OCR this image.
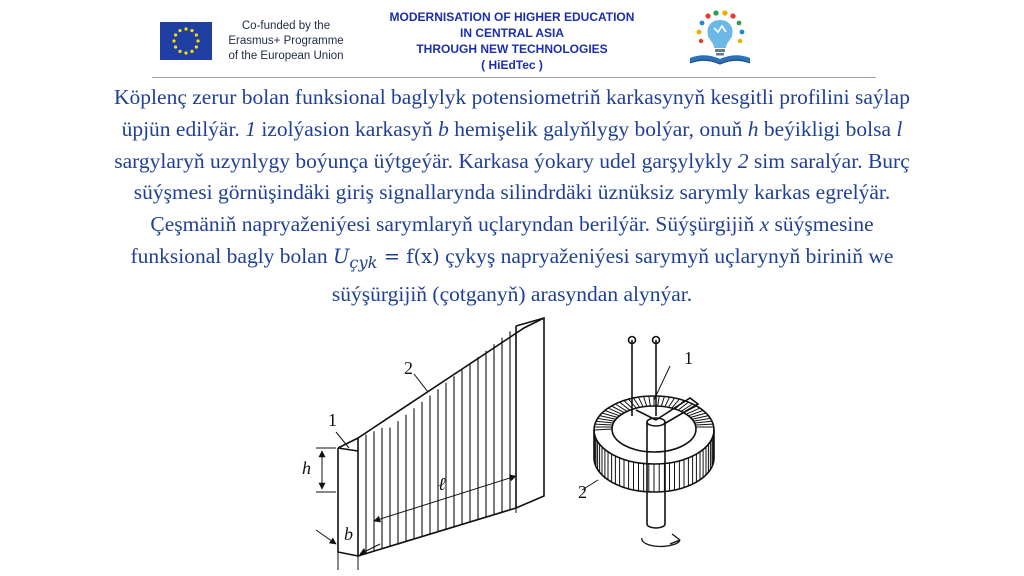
Co-funded by the
Erasmus+ Programme
of the European Union
MODERNISATION OF HIGHER EDUCATION
IN CENTRAL ASIA
THROUGH NEW TECHNOLOGIES
( HiEdTec )
Köplenç zerur bolan funksional baglylyk potensiometriň karkasynyň kesgitli profilini saýlap
üpjün edilýär. 1 izolýasion karkasyň b hemişelik galyňlygy bolýar, onuň h beýikligi bolsa l
sargylaryň uzynlygy boýunça üýtgeýär. Karkasa ýokary udel garşylykly 2 sim saralýar. Burç
süýşmesi görnüşindäki giriş signallarynda silindrdäki üznüksiz sarymly karkas egrelýär.
Çeşmäniň napryaženiýesi sarymlaryň uçlaryndan berilýär. Süýşürgijiň x süýşmesine
funksional bagly bolan $U_{çyk} = f(x)$ çykyş napryaženiýesi sarymyň uçlarynyň biriniň we
süýşürgijiň (çotganyň) arasyndan alynýar.
1
2
h
ℓ
b
1
2
